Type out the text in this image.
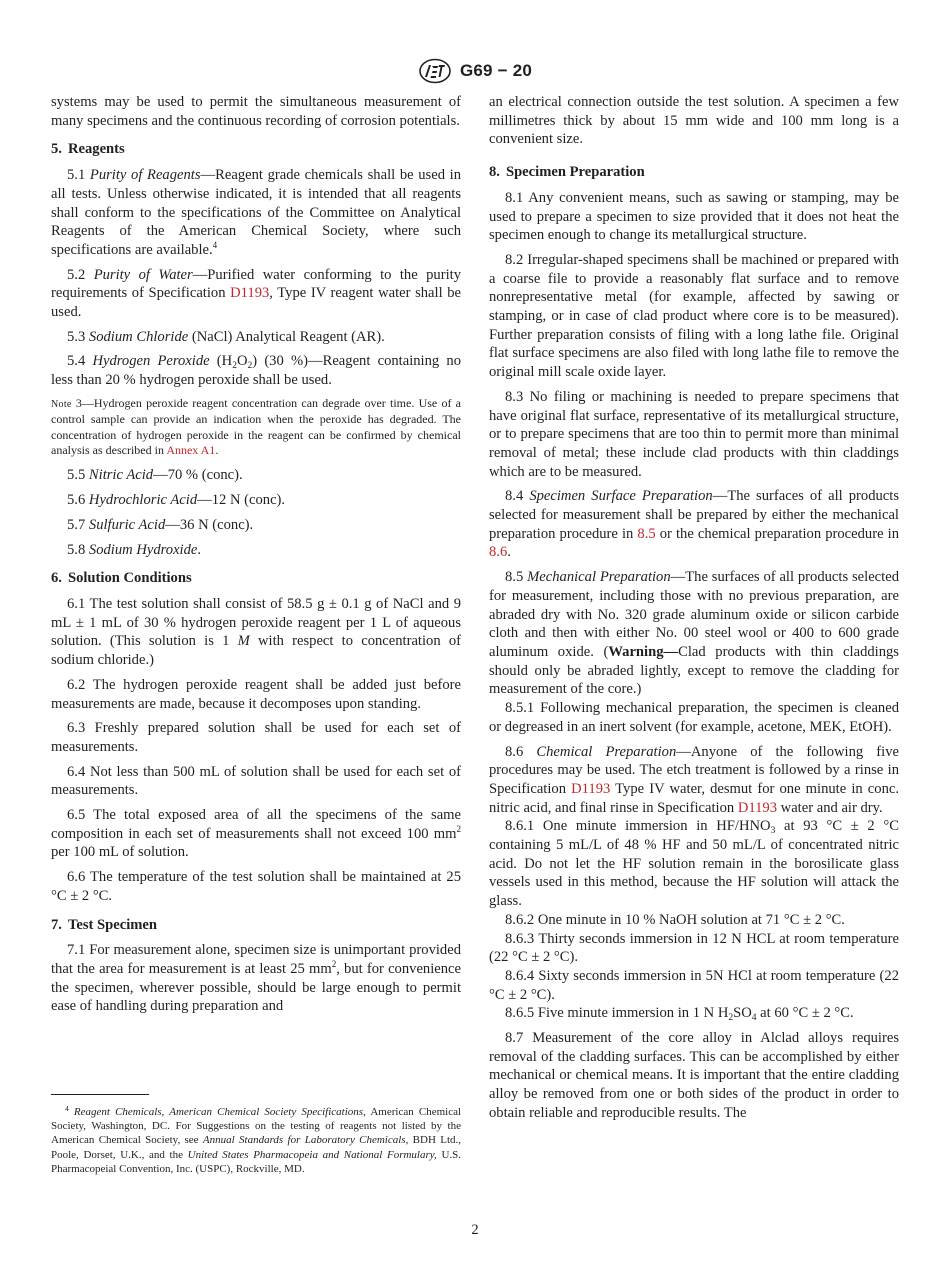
G69 − 20

systems may be used to permit the simultaneous measurement of many specimens and the continuous recording of corrosion potentials.

5. Reagents

5.1 Purity of Reagents—Reagent grade chemicals shall be used in all tests. Unless otherwise indicated, it is intended that all reagents shall conform to the specifications of the Committee on Analytical Reagents of the American Chemical Society, where such specifications are available.$^4$

5.2 Purity of Water—Purified water conforming to the purity requirements of Specification D1193, Type IV reagent water shall be used.

5.3 Sodium Chloride (NaCl) Analytical Reagent (AR).

5.4 Hydrogen Peroxide $(H_2O_2)$ (30 %)—Reagent containing no less than 20 % hydrogen peroxide shall be used.

Note 3—Hydrogen peroxide reagent concentration can degrade over time. Use of a control sample can provide an indication when the peroxide has degraded. The concentration of hydrogen peroxide in the reagent can be confirmed by chemical analysis as described in Annex A1.

5.5 Nitric Acid—70 % (conc).

5.6 Hydrochloric Acid—12 N (conc).

5.7 Sulfuric Acid—36 N (conc).

5.8 Sodium Hydroxide.

6. Solution Conditions

6.1 The test solution shall consist of 58.5 g ± 0.1 g of NaCl and 9 mL ± 1 mL of 30 % hydrogen peroxide reagent per 1 L of aqueous solution. (This solution is 1 M with respect to concentration of sodium chloride.)

6.2 The hydrogen peroxide reagent shall be added just before measurements are made, because it decomposes upon standing.

6.3 Freshly prepared solution shall be used for each set of measurements.

6.4 Not less than 500 mL of solution shall be used for each set of measurements.

6.5 The total exposed area of all the specimens of the same composition in each set of measurements shall not exceed 100 $mm^2$ per 100 mL of solution.

6.6 The temperature of the test solution shall be maintained at 25 °C ± 2 °C.

7. Test Specimen

7.1 For measurement alone, specimen size is unimportant provided that the area for measurement is at least 25 $mm^2$, but for convenience the specimen, wherever possible, should be large enough to permit ease of handling during preparation and

$^4$ Reagent Chemicals, American Chemical Society Specifications, American Chemical Society, Washington, DC. For Suggestions on the testing of reagents not listed by the American Chemical Society, see Annual Standards for Laboratory Chemicals, BDH Ltd., Poole, Dorset, U.K., and the United States Pharmacopeia and National Formulary, U.S. Pharmacopeial Convention, Inc. (USPC), Rockville, MD.

an electrical connection outside the test solution. A specimen a few millimetres thick by about 15 mm wide and 100 mm long is a convenient size.

8. Specimen Preparation

8.1 Any convenient means, such as sawing or stamping, may be used to prepare a specimen to size provided that it does not heat the specimen enough to change its metallurgical structure.

8.2 Irregular-shaped specimens shall be machined or prepared with a coarse file to provide a reasonably flat surface and to remove nonrepresentative metal (for example, affected by sawing or stamping, or in case of clad product where core is to be measured). Further preparation consists of filing with a long lathe file. Original flat surface specimens are also filed with long lathe file to remove the original mill scale oxide layer.

8.3 No filing or machining is needed to prepare specimens that have original flat surface, representative of its metallurgical structure, or to prepare specimens that are too thin to permit more than minimal removal of metal; these include clad products with thin claddings which are to be measured.

8.4 Specimen Surface Preparation—The surfaces of all products selected for measurement shall be prepared by either the mechanical preparation procedure in 8.5 or the chemical preparation procedure in 8.6.

8.5 Mechanical Preparation—The surfaces of all products selected for measurement, including those with no previous preparation, are abraded dry with No. 320 grade aluminum oxide or silicon carbide cloth and then with either No. 00 steel wool or 400 to 600 grade aluminum oxide. (Warning—Clad products with thin claddings should only be abraded lightly, except to remove the cladding for measurement of the core.)

8.5.1 Following mechanical preparation, the specimen is cleaned or degreased in an inert solvent (for example, acetone, MEK, EtOH).

8.6 Chemical Preparation—Anyone of the following five procedures may be used. The etch treatment is followed by a rinse in Specification D1193 Type IV water, desmut for one minute in conc. nitric acid, and final rinse in Specification D1193 water and air dry.

8.6.1 One minute immersion in $HF/HNO_3$ at 93 °C ± 2 °C containing 5 mL/L of 48 % HF and 50 mL/L of concentrated nitric acid. Do not let the HF solution remain in the borosilicate glass vessels used in this method, because the HF solution will attack the glass.

8.6.2 One minute in 10 % NaOH solution at 71 °C ± 2 °C.

8.6.3 Thirty seconds immersion in 12 N HCL at room temperature (22 °C ± 2 °C).

8.6.4 Sixty seconds immersion in 5N HCl at room temperature (22 °C ± 2 °C).

8.6.5 Five minute immersion in 1 N $H_2SO_4$ at 60 °C ± 2 °C.

8.7 Measurement of the core alloy in Alclad alloys requires removal of the cladding surfaces. This can be accomplished by either mechanical or chemical means. It is important that the entire cladding alloy be removed from one or both sides of the product in order to obtain reliable and reproducible results. The

2
